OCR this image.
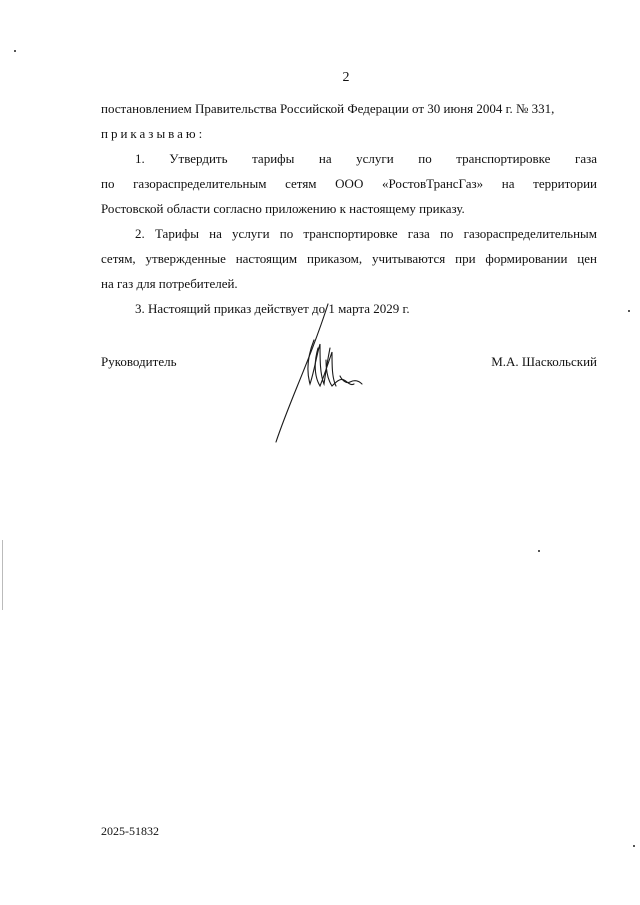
2

постановлением Правительства Российской Федерации от 30 июня 2004 г. № 331,

приказываю:

1. Утвердить тарифы на услуги по транспортировке газа

по газораспределительным сетям ООО «РостовТрансГаз» на территории

Ростовской области согласно приложению к настоящему приказу.

2. Тарифы на услуги по транспортировке газа по газораспределительным

сетям, утвержденные настоящим приказом, учитываются при формировании цен

на газ для потребителей.

3. Настоящий приказ действует до 1 марта 2029 г.

Руководитель	М.А. Шаскольский
2025-51832
